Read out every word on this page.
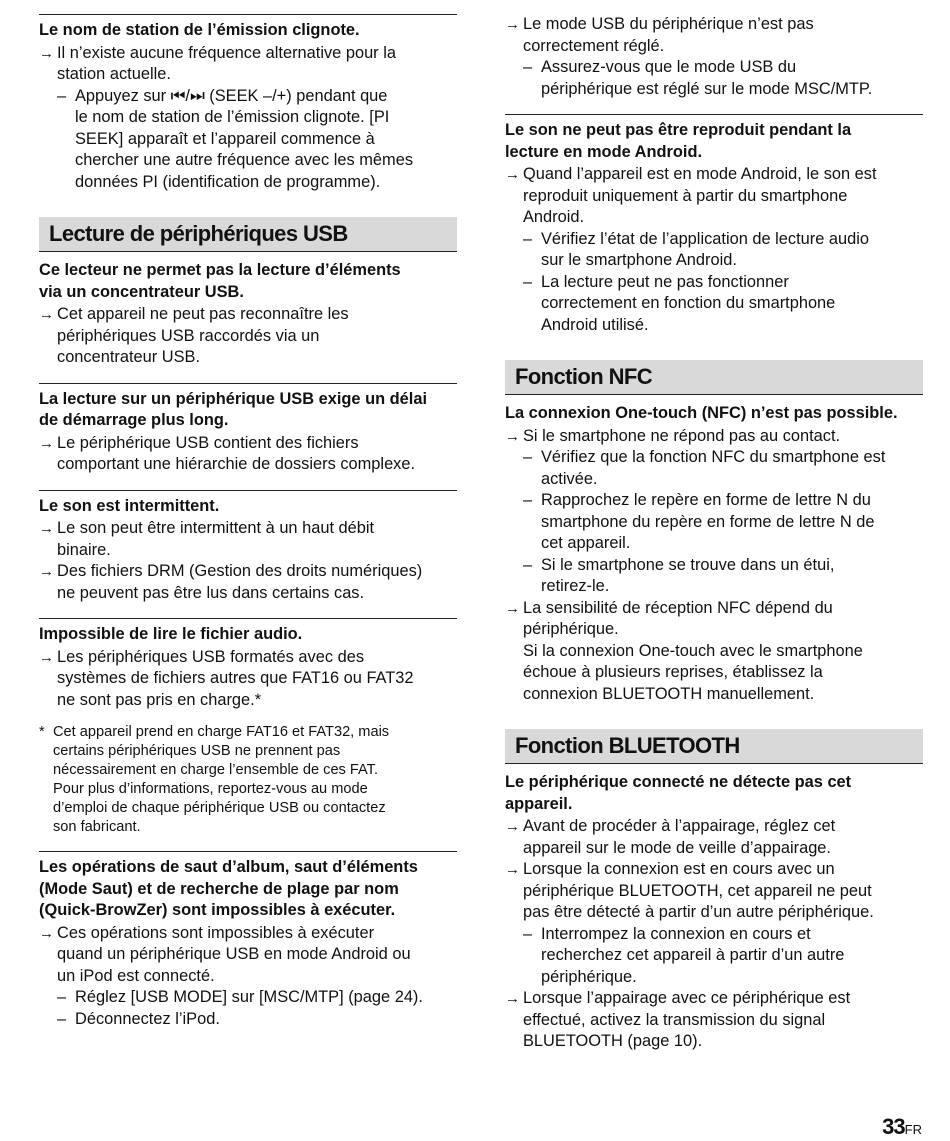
Le nom de station de l’émission clignote.
→ Il n’existe aucune fréquence alternative pour la
station actuelle.
– Appuyez sur ⏮/⏭ (SEEK –/+) pendant que
le nom de station de l’émission clignote. [PI
SEEK] apparaît et l’appareil commence à
chercher une autre fréquence avec les mêmes
données PI (identification de programme).
Lecture de périphériques USB
Ce lecteur ne permet pas la lecture d’éléments
via un concentrateur USB.
→ Cet appareil ne peut pas reconnaître les
périphériques USB raccordés via un
concentrateur USB.
La lecture sur un périphérique USB exige un délai
de démarrage plus long.
→ Le périphérique USB contient des fichiers
comportant une hiérarchie de dossiers complexe.
Le son est intermittent.
→ Le son peut être intermittent à un haut débit
binaire.
→ Des fichiers DRM (Gestion des droits numériques)
ne peuvent pas être lus dans certains cas.
Impossible de lire le fichier audio.
→ Les périphériques USB formatés avec des
systèmes de fichiers autres que FAT16 ou FAT32
ne sont pas pris en charge.*
* Cet appareil prend en charge FAT16 et FAT32, mais
certains périphériques USB ne prennent pas
nécessairement en charge l’ensemble de ces FAT.
Pour plus d’informations, reportez-vous au mode
d’emploi de chaque périphérique USB ou contactez
son fabricant.
Les opérations de saut d’album, saut d’éléments
(Mode Saut) et de recherche de plage par nom
(Quick-BrowZer) sont impossibles à exécuter.
→ Ces opérations sont impossibles à exécuter
quand un périphérique USB en mode Android ou
un iPod est connecté.
– Réglez [USB MODE] sur [MSC/MTP] (page 24).
– Déconnectez l’iPod.
→ Le mode USB du périphérique n’est pas
correctement réglé.
– Assurez-vous que le mode USB du
périphérique est réglé sur le mode MSC/MTP.
Le son ne peut pas être reproduit pendant la
lecture en mode Android.
→ Quand l’appareil est en mode Android, le son est
reproduit uniquement à partir du smartphone
Android.
– Vérifiez l’état de l’application de lecture audio
sur le smartphone Android.
– La lecture peut ne pas fonctionner
correctement en fonction du smartphone
Android utilisé.
Fonction NFC
La connexion One-touch (NFC) n’est pas possible.
→ Si le smartphone ne répond pas au contact.
– Vérifiez que la fonction NFC du smartphone est
activée.
– Rapprochez le repère en forme de lettre N du
smartphone du repère en forme de lettre N de
cet appareil.
– Si le smartphone se trouve dans un étui,
retirez-le.
→ La sensibilité de réception NFC dépend du
périphérique.
Si la connexion One-touch avec le smartphone
échoue à plusieurs reprises, établissez la
connexion BLUETOOTH manuellement.
Fonction BLUETOOTH
Le périphérique connecté ne détecte pas cet
appareil.
→ Avant de procéder à l’appairage, réglez cet
appareil sur le mode de veille d’appairage.
→ Lorsque la connexion est en cours avec un
périphérique BLUETOOTH, cet appareil ne peut
pas être détecté à partir d’un autre périphérique.
– Interrompez la connexion en cours et
recherchez cet appareil à partir d’un autre
périphérique.
→ Lorsque l’appairage avec ce périphérique est
effectué, activez la transmission du signal
BLUETOOTH (page 10).
33FR
